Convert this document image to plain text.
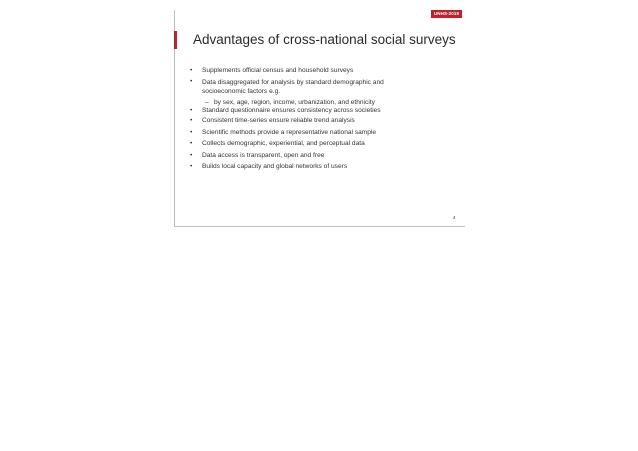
UNHS-2019
Advantages of cross-national social surveys
• Supplements official census and household surveys
• Data disaggregated for analysis by standard demographic and
socioeconomic factors e.g.
– by sex, age, region, income, urbanization, and ethnicity
• Standard questionnaire ensures consistency across societies
• Consistent time-series ensure reliable trend analysis
• Scientific methods provide a representative national sample
• Collects demographic, experiential, and perceptual data
• Data access is transparent, open and free
• Builds local capacity and global networks of users
4
